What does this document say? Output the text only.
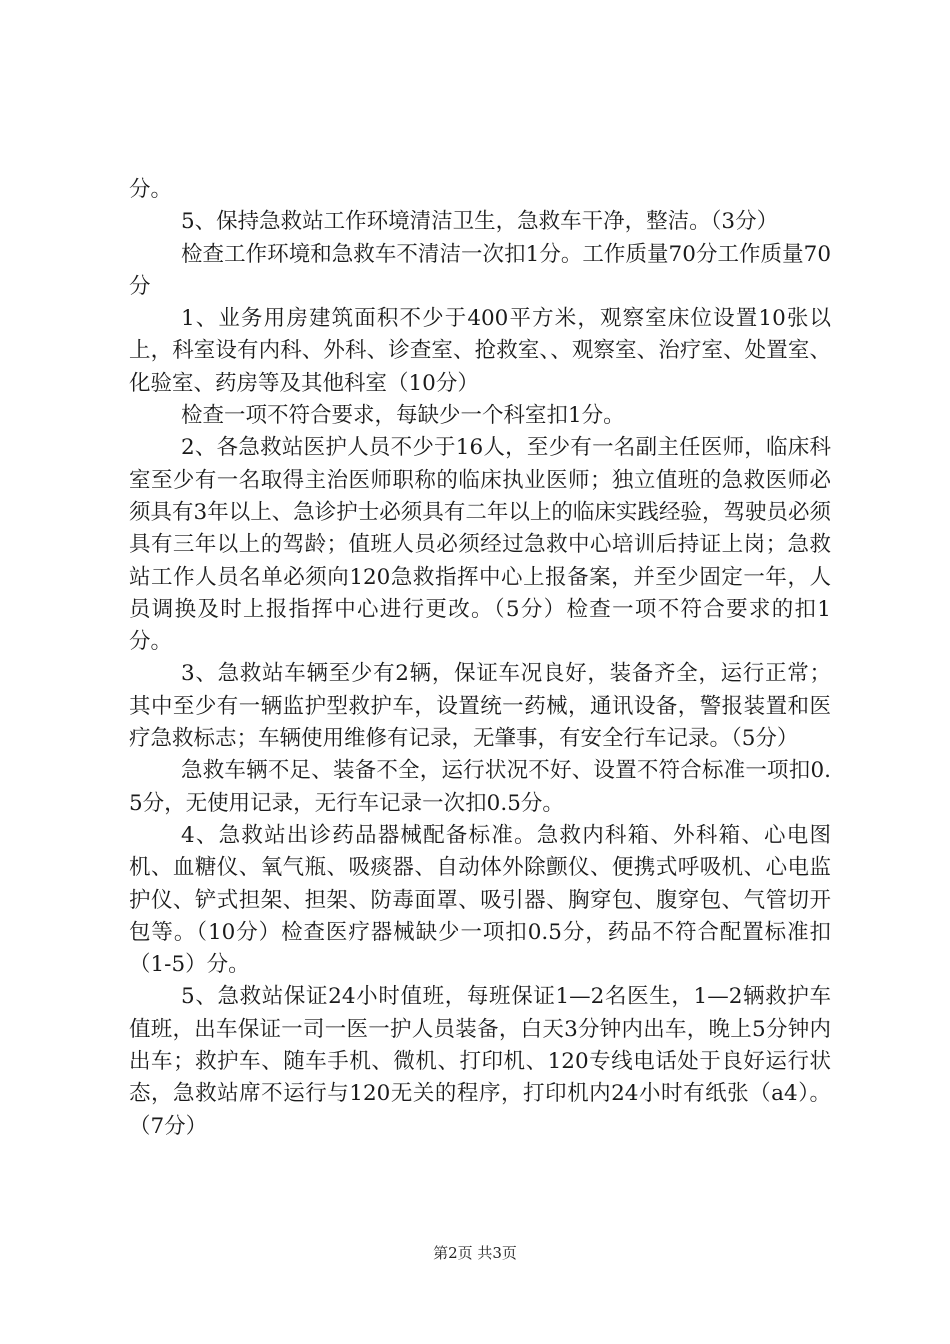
分。

5、保持急救站工作环境清洁卫生，急救车干净，整洁。（3分）

检查工作环境和急救车不清洁一次扣1分。工作质量70分工作质量70分

1、业务用房建筑面积不少于400平方米，观察室床位设置10张以上，科室设有内科、外科、诊查室、抢救室、、观察室、治疗室、处置室、化验室、药房等及其他科室（10分）

检查一项不符合要求，每缺少一个科室扣1分。

2、各急救站医护人员不少于16人，至少有一名副主任医师，临床科室至少有一名取得主治医师职称的临床执业医师；独立值班的急救医师必须具有3年以上、急诊护士必须具有二年以上的临床实践经验，驾驶员必须具有三年以上的驾龄；值班人员必须经过急救中心培训后持证上岗；急救站工作人员名单必须向120急救指挥中心上报备案，并至少固定一年，人员调换及时上报指挥中心进行更改。（5分）检查一项不符合要求的扣1分。

3、急救站车辆至少有2辆，保证车况良好，装备齐全，运行正常；其中至少有一辆监护型救护车，设置统一药械，通讯设备，警报装置和医疗急救标志；车辆使用维修有记录，无肇事，有安全行车记录。（5分）

急救车辆不足、装备不全，运行状况不好、设置不符合标准一项扣0.5分，无使用记录，无行车记录一次扣0.5分。

4、急救站出诊药品器械配备标准。急救内科箱、外科箱、心电图机、血糖仪、氧气瓶、吸痰器、自动体外除颤仪、便携式呼吸机、心电监护仪、铲式担架、担架、防毒面罩、吸引器、胸穿包、腹穿包、气管切开包等。（10分）检查医疗器械缺少一项扣0.5分，药品不符合配置标准扣（1-5）分。

5、急救站保证24小时值班，每班保证1—2名医生，1—2辆救护车值班，出车保证一司一医一护人员装备，白天3分钟内出车，晚上5分钟内出车；救护车、随车手机、微机、打印机、120专线电话处于良好运行状态，急救站席不运行与120无关的程序，打印机内24小时有纸张（a4）。（7分）

第2页 共3页
